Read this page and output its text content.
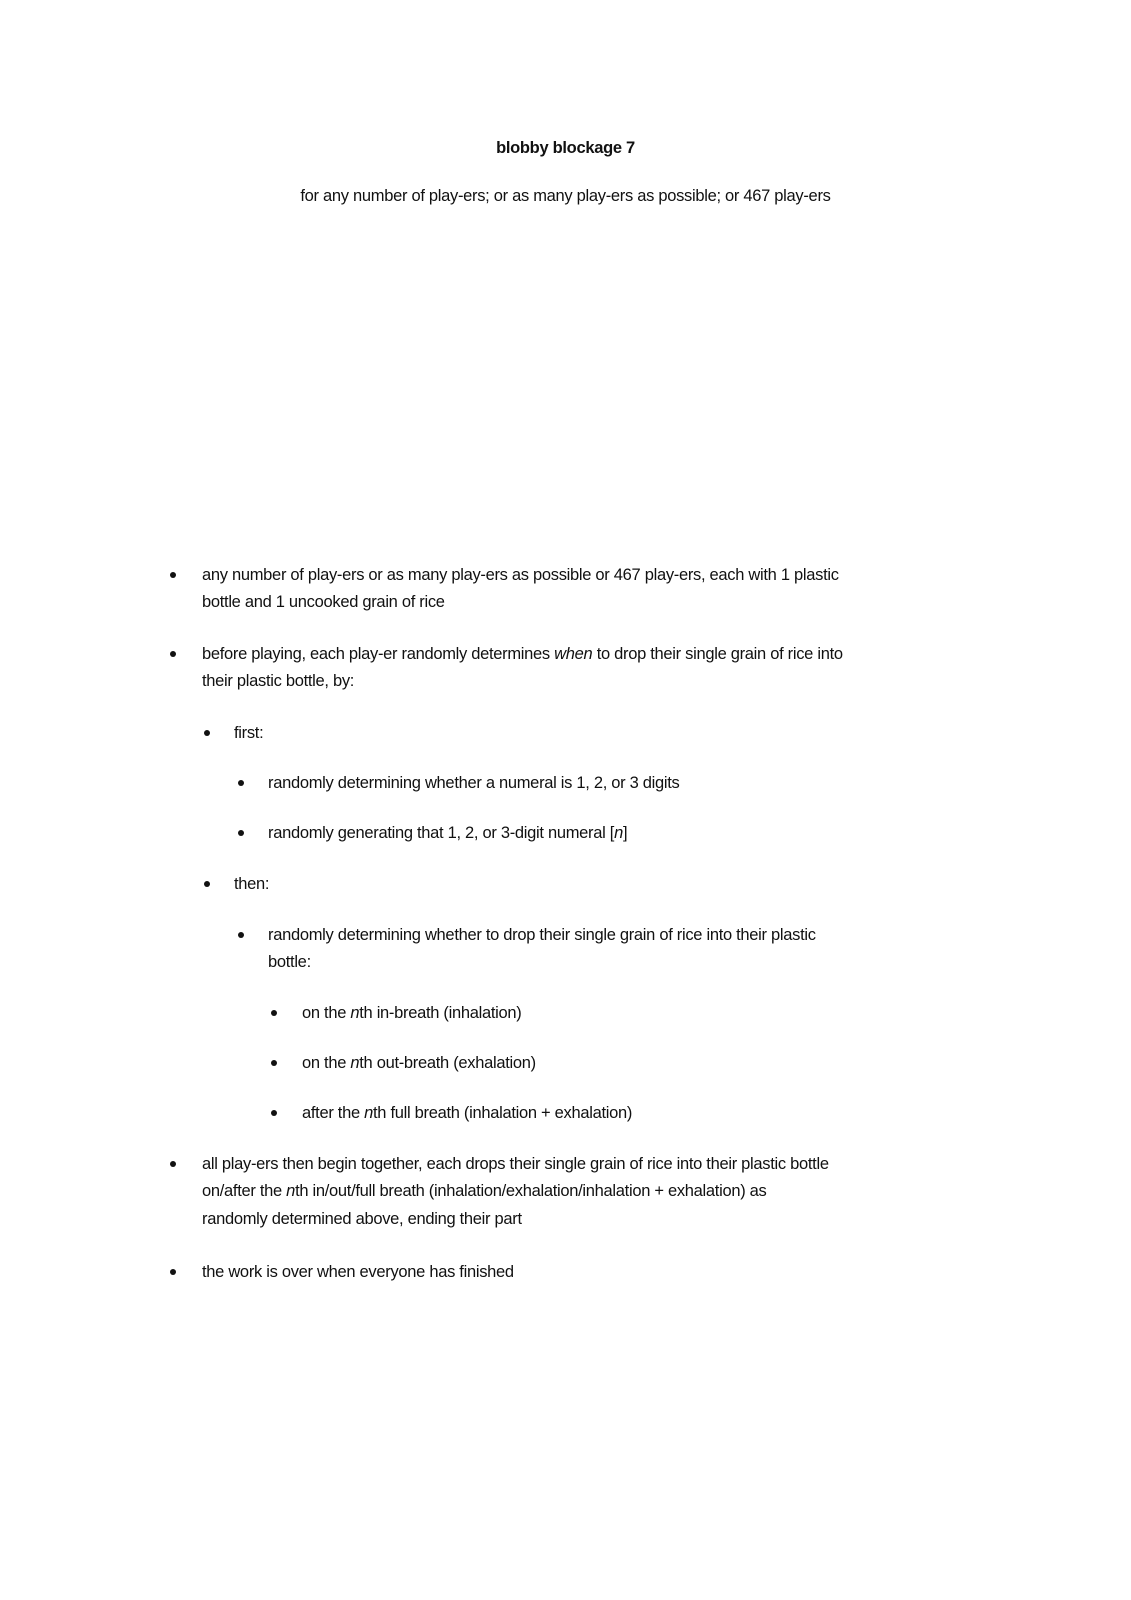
blobby blockage 7
for any number of play-ers; or as many play-ers as possible; or 467 play-ers
any number of play-ers or as many play-ers as possible or 467 play-ers, each with 1 plastic
bottle and 1 uncooked grain of rice
before playing, each play-er randomly determines when to drop their single grain of rice into
their plastic bottle, by:
first:
randomly determining whether a numeral is 1, 2, or 3 digits
randomly generating that 1, 2, or 3-digit numeral [n]
then:
randomly determining whether to drop their single grain of rice into their plastic
bottle:
on the nth in-breath (inhalation)
on the nth out-breath (exhalation)
after the nth full breath (inhalation + exhalation)
all play-ers then begin together, each drops their single grain of rice into their plastic bottle
on/after the nth in/out/full breath (inhalation/exhalation/inhalation + exhalation) as
randomly determined above, ending their part
the work is over when everyone has finished
